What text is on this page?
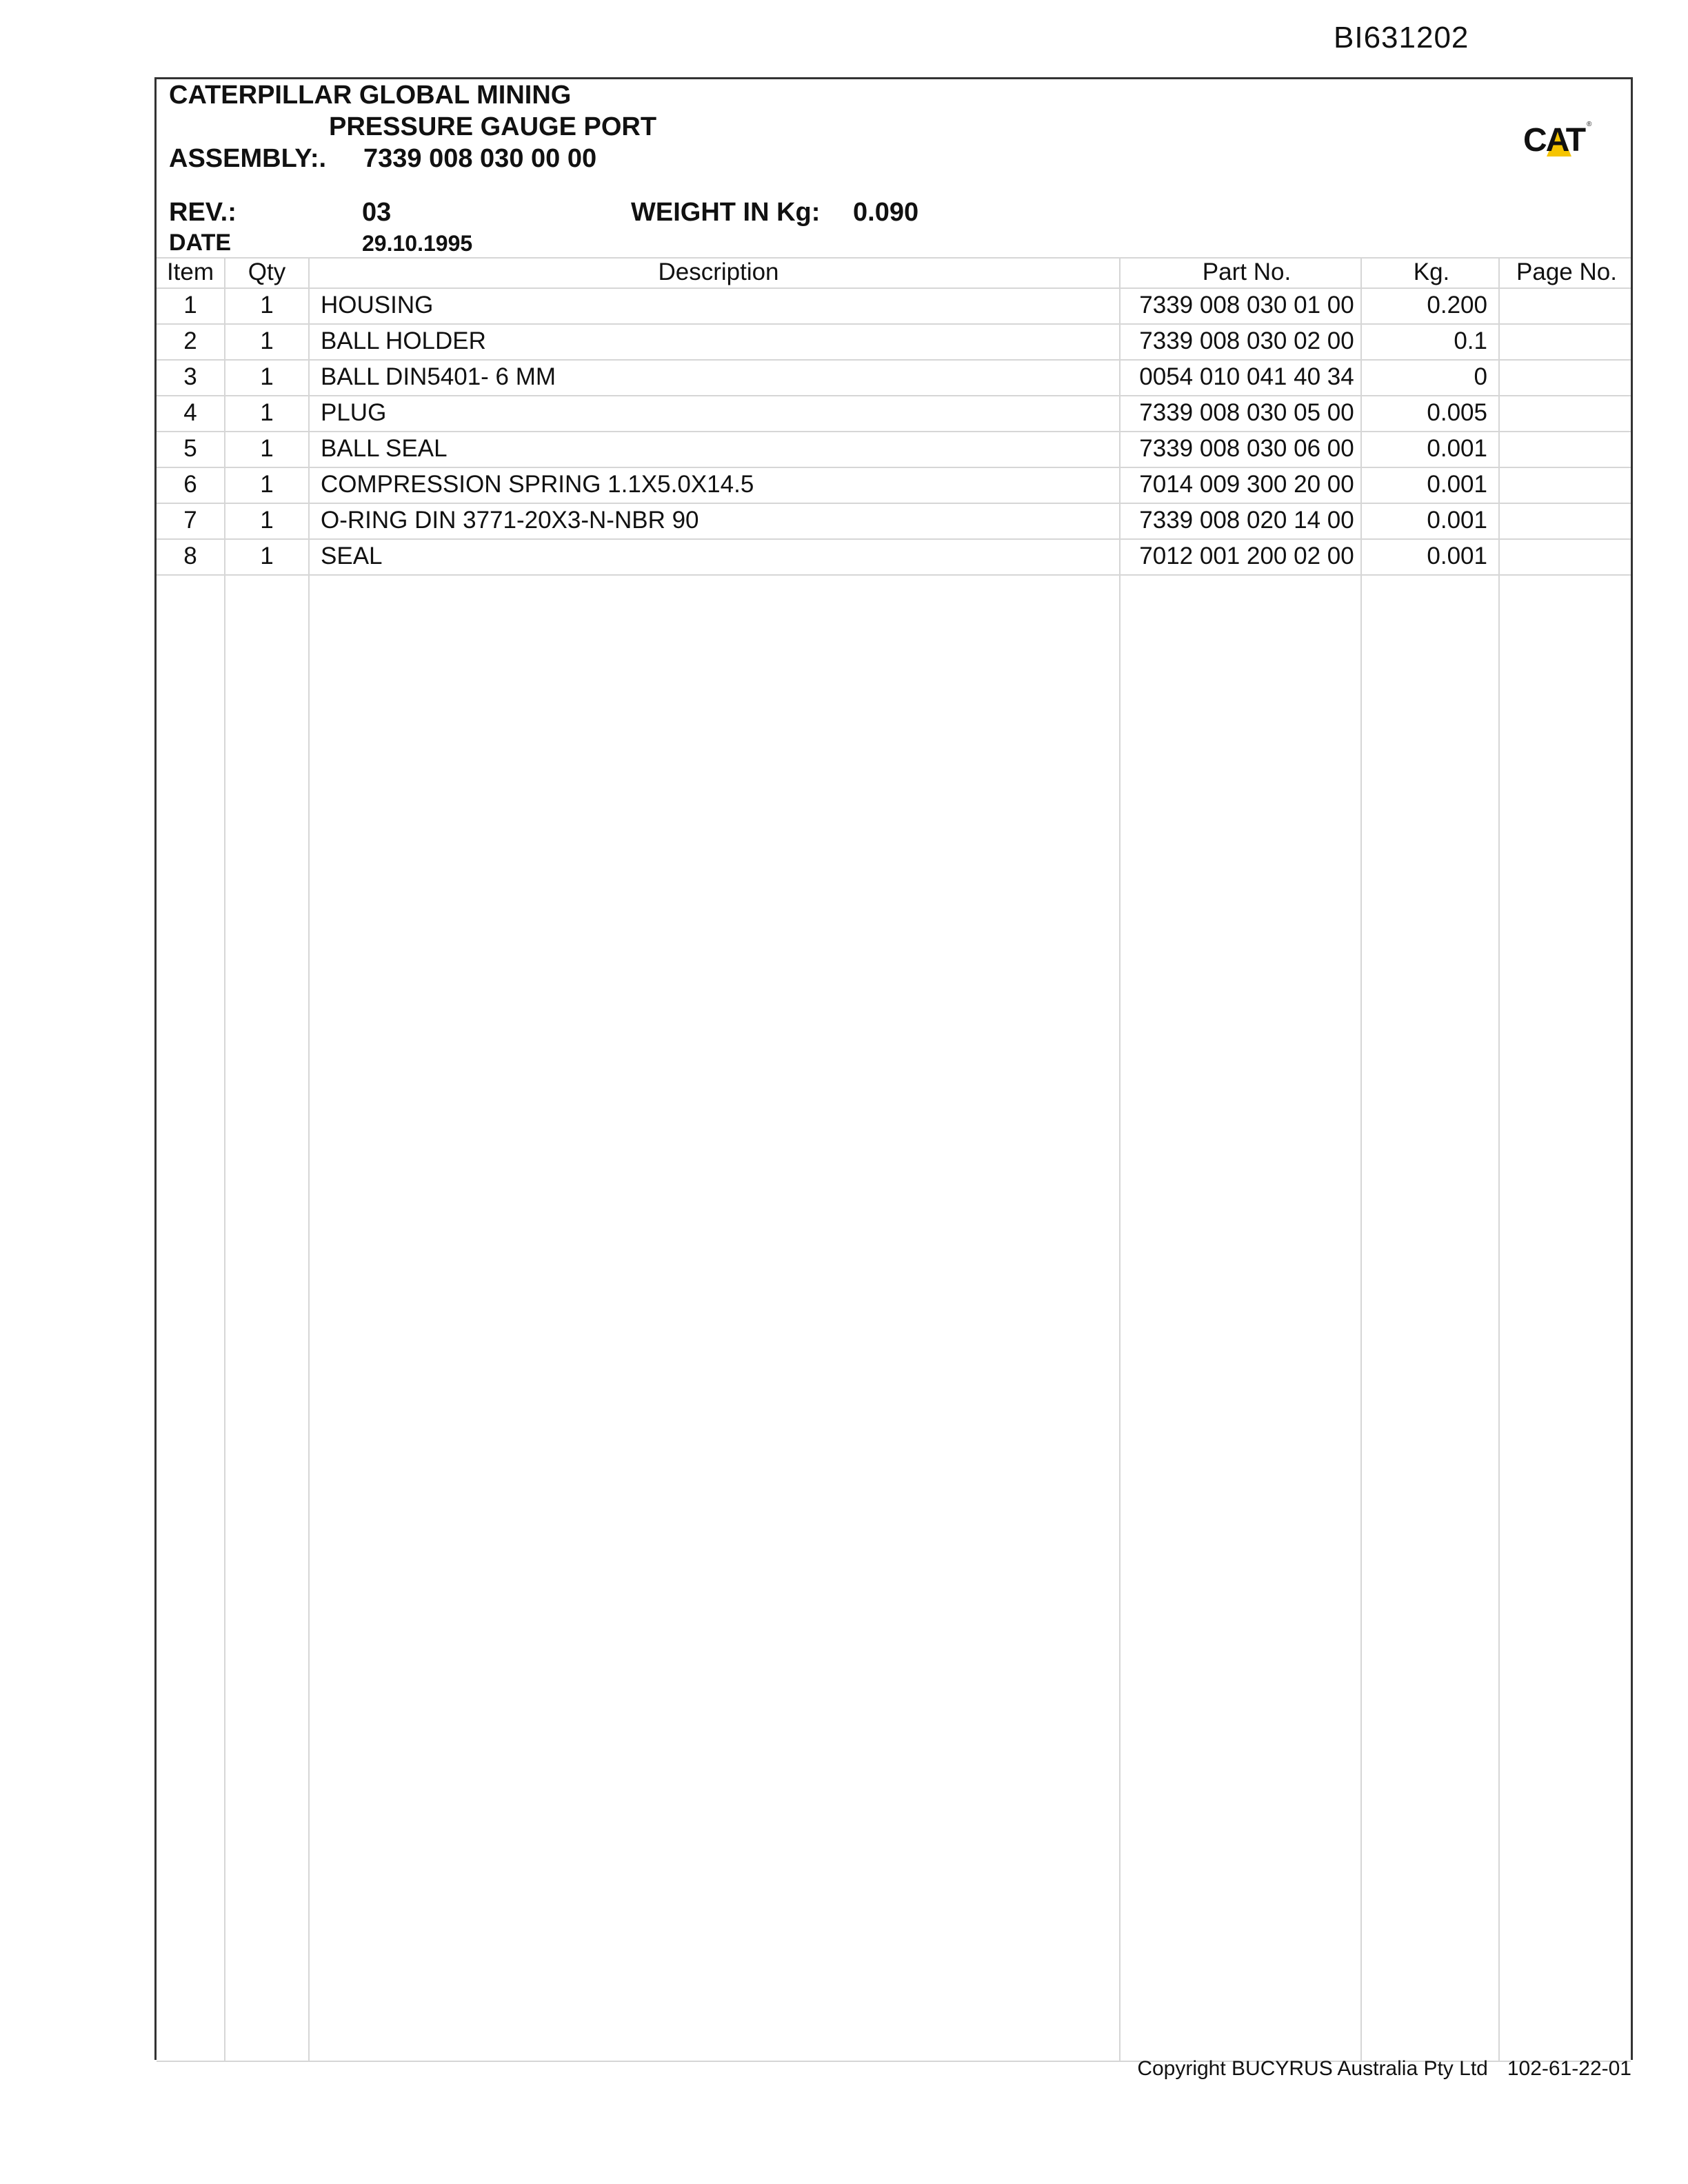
BI631202
CATERPILLAR GLOBAL MINING
PRESSURE GAUGE PORT
ASSEMBLY:. 7339 008 030 00 00
REV.:	03	WEIGHT IN Kg: 0.090
DATE	29.10.1995
CAT ®
Item	Qty	Description	Part No.	Kg.	Page No.
1	1	HOUSING	7339 008 030 01 00	0.200
2	1	BALL HOLDER	7339 008 030 02 00	0.1
3	1	BALL DIN5401- 6 MM	0054 010 041 40 34	0
4	1	PLUG	7339 008 030 05 00	0.005
5	1	BALL SEAL	7339 008 030 06 00	0.001
6	1	COMPRESSION SPRING 1.1X5.0X14.5	7014 009 300 20 00	0.001
7	1	O-RING DIN 3771-20X3-N-NBR 90	7339 008 020 14 00	0.001
8	1	SEAL	7012 001 200 02 00	0.001
Copyright BUCYRUS Australia Pty Ltd 102-61-22-01
